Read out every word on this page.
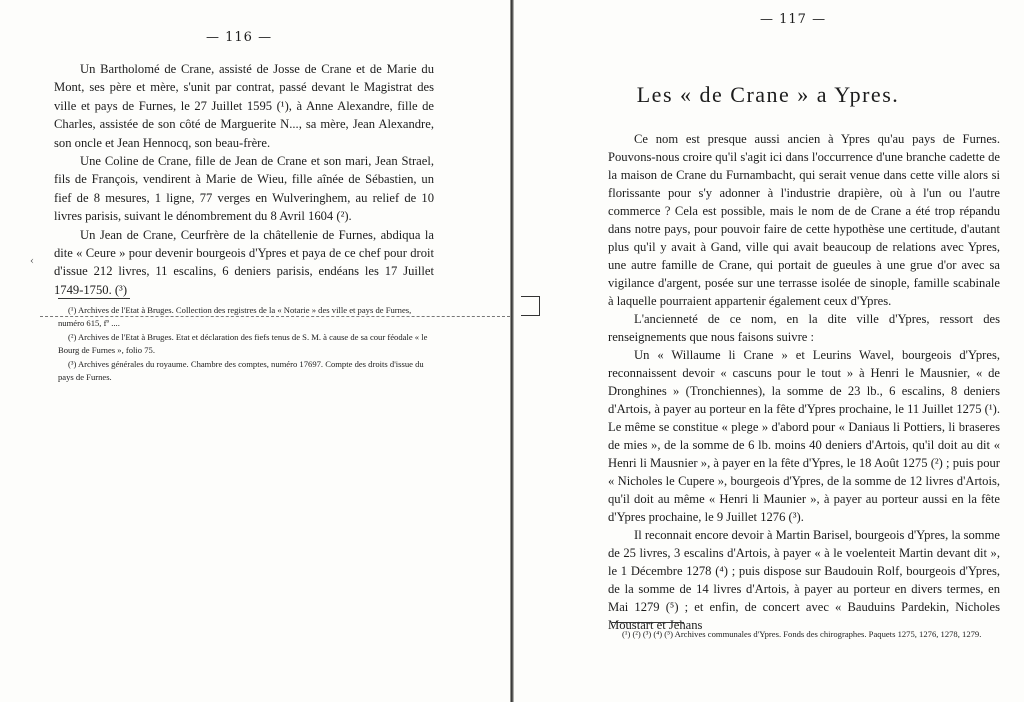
— 116 —

Un Bartholomé de Crane, assisté de Josse de Crane et de Marie du Mont, ses père et mère, s'unit par contrat, passé devant le Magistrat des ville et pays de Furnes, le 27 Juillet 1595 (¹), à Anne Alexandre, fille de Charles, assistée de son côté de Marguerite N..., sa mère, Jean Alexandre, son oncle et Jean Hennocq, son beau-frère.

Une Coline de Crane, fille de Jean de Crane et son mari, Jean Strael, fils de François, vendirent à Marie de Wieu, fille aînée de Sébastien, un fief de 8 mesures, 1 ligne, 77 verges en Wulveringhem, au relief de 10 livres parisis, suivant le dénombrement du 8 Avril 1604 (²).

Un Jean de Crane, Ceurfrère de la châtellenie de Furnes, abdiqua la dite « Ceure » pour devenir bourgeois d'Ypres et paya de ce chef pour droit d'issue 212 livres, 11 escalins, 6 deniers parisis, endéans les 17 Juillet 1749-1750. (³)

‹

(¹) Archives de l'Etat à Bruges. Collection des registres de la « Notarie » des ville et pays de Furnes, numéro 615, fº ....

(²) Archives de l'Etat à Bruges. Etat et déclaration des fiefs tenus de S. M. à cause de sa cour féodale « le Bourg de Furnes », folio 75.

(³) Archives générales du royaume. Chambre des comptes, numéro 17697. Compte des droits d'issue du pays de Furnes.

— 117 —
Les « de Crane » a Ypres.

Ce nom est presque aussi ancien à Ypres qu'au pays de Furnes. Pouvons-nous croire qu'il s'agit ici dans l'occurrence d'une branche cadette de la maison de Crane du Furnambacht, qui serait venue dans cette ville alors si florissante pour s'y adonner à l'industrie drapière, où à l'un ou l'autre commerce ? Cela est possible, mais le nom de de Crane a été trop répandu dans notre pays, pour pouvoir faire de cette hypothèse une certitude, d'autant plus qu'il y avait à Gand, ville qui avait beaucoup de relations avec Ypres, une autre famille de Crane, qui portait de gueules à une grue d'or avec sa vigilance d'argent, posée sur une terrasse isolée de sinople, famille scabinale à laquelle pourraient appartenir également ceux d'Ypres.

L'ancienneté de ce nom, en la dite ville d'Ypres, ressort des renseignements que nous faisons suivre :

Un « Willaume li Crane » et Leurins Wavel, bourgeois d'Ypres, reconnaissent devoir « cascuns pour le tout » à Henri le Mausnier, « de Dronghines » (Tronchiennes), la somme de 23 lb., 6 escalins, 8 deniers d'Artois, à payer au porteur en la fête d'Ypres prochaine, le 11 Juillet 1275 (¹). Le même se constitue « plege » d'abord pour « Daniaus li Pottiers, li braseres de mies », de la somme de 6 lb. moins 40 deniers d'Artois, qu'il doit au dit « Henri li Mausnier », à payer en la fête d'Ypres, le 18 Août 1275 (²) ; puis pour « Nicholes le Cupere », bourgeois d'Ypres, de la somme de 12 livres d'Artois, qu'il doit au même « Henri li Maunier », à payer au porteur aussi en la fête d'Ypres prochaine, le 9 Juillet 1276 (³).

Il reconnait encore devoir à Martin Barisel, bourgeois d'Ypres, la somme de 25 livres, 3 escalins d'Artois, à payer « à le voelenteit Martin devant dit », le 1 Décembre 1278 (⁴) ; puis dispose sur Baudouin Rolf, bourgeois d'Ypres, de la somme de 14 livres d'Artois, à payer au porteur en divers termes, en Mai 1279 (⁵) ; et enfin, de concert avec « Bauduins Pardekin, Nicholes Moustart et Jehans

(¹) (²) (³) (⁴) (⁵) Archives communales d'Ypres. Fonds des chirographes. Paquets 1275, 1276, 1278, 1279.
